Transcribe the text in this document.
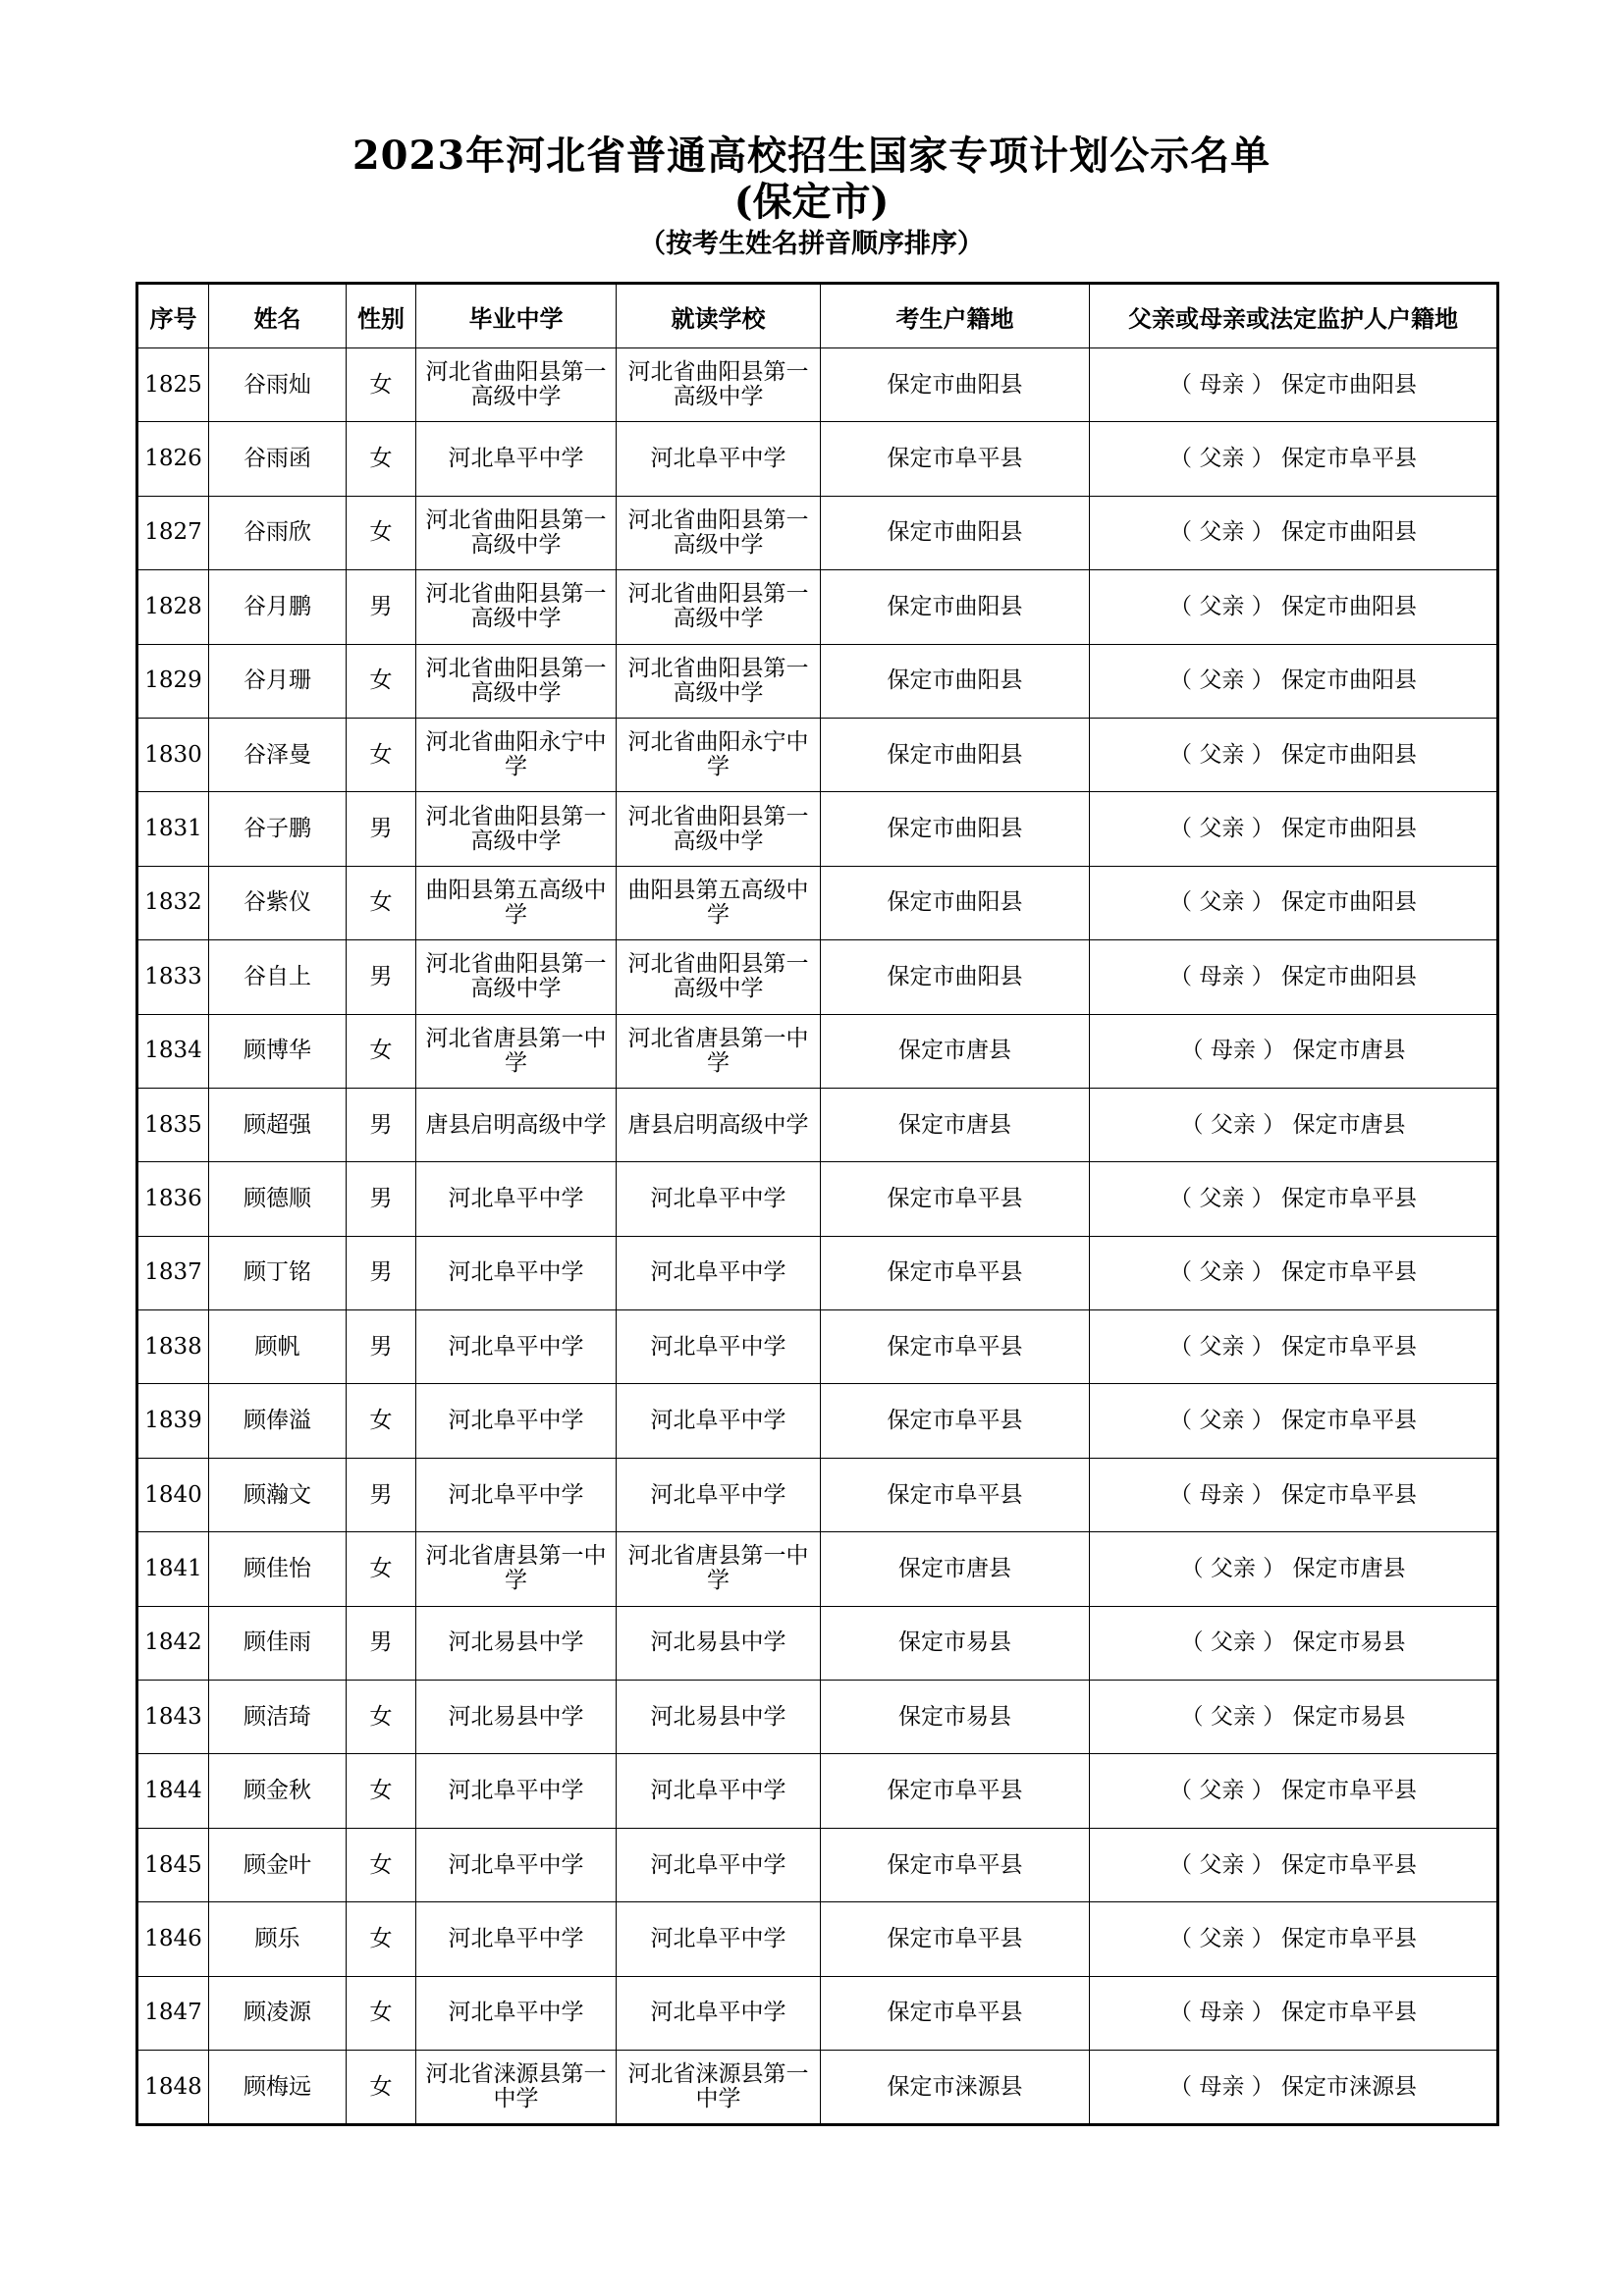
2023年河北省普通高校招生国家专项计划公示名单
(保定市)
（按考生姓名拼音顺序排序）
序号	姓名	性别	毕业中学	就读学校	考生户籍地	父亲或母亲或法定监护人户籍地
1825	谷雨灿	女	河北省曲阳县第一高级中学	河北省曲阳县第一高级中学	保定市曲阳县	（ 母亲 ） 保定市曲阳县
1826	谷雨函	女	河北阜平中学	河北阜平中学	保定市阜平县	（ 父亲 ） 保定市阜平县
1827	谷雨欣	女	河北省曲阳县第一高级中学	河北省曲阳县第一高级中学	保定市曲阳县	（ 父亲 ） 保定市曲阳县
1828	谷月鹏	男	河北省曲阳县第一高级中学	河北省曲阳县第一高级中学	保定市曲阳县	（ 父亲 ） 保定市曲阳县
1829	谷月珊	女	河北省曲阳县第一高级中学	河北省曲阳县第一高级中学	保定市曲阳县	（ 父亲 ） 保定市曲阳县
1830	谷泽曼	女	河北省曲阳永宁中学	河北省曲阳永宁中学	保定市曲阳县	（ 父亲 ） 保定市曲阳县
1831	谷子鹏	男	河北省曲阳县第一高级中学	河北省曲阳县第一高级中学	保定市曲阳县	（ 父亲 ） 保定市曲阳县
1832	谷紫仪	女	曲阳县第五高级中学	曲阳县第五高级中学	保定市曲阳县	（ 父亲 ） 保定市曲阳县
1833	谷自上	男	河北省曲阳县第一高级中学	河北省曲阳县第一高级中学	保定市曲阳县	（ 母亲 ） 保定市曲阳县
1834	顾博华	女	河北省唐县第一中学	河北省唐县第一中学	保定市唐县	（ 母亲 ） 保定市唐县
1835	顾超强	男	唐县启明高级中学	唐县启明高级中学	保定市唐县	（ 父亲 ） 保定市唐县
1836	顾德顺	男	河北阜平中学	河北阜平中学	保定市阜平县	（ 父亲 ） 保定市阜平县
1837	顾丁铭	男	河北阜平中学	河北阜平中学	保定市阜平县	（ 父亲 ） 保定市阜平县
1838	顾帆	男	河北阜平中学	河北阜平中学	保定市阜平县	（ 父亲 ） 保定市阜平县
1839	顾俸溢	女	河北阜平中学	河北阜平中学	保定市阜平县	（ 父亲 ） 保定市阜平县
1840	顾瀚文	男	河北阜平中学	河北阜平中学	保定市阜平县	（ 母亲 ） 保定市阜平县
1841	顾佳怡	女	河北省唐县第一中学	河北省唐县第一中学	保定市唐县	（ 父亲 ） 保定市唐县
1842	顾佳雨	男	河北易县中学	河北易县中学	保定市易县	（ 父亲 ） 保定市易县
1843	顾洁琦	女	河北易县中学	河北易县中学	保定市易县	（ 父亲 ） 保定市易县
1844	顾金秋	女	河北阜平中学	河北阜平中学	保定市阜平县	（ 父亲 ） 保定市阜平县
1845	顾金叶	女	河北阜平中学	河北阜平中学	保定市阜平县	（ 父亲 ） 保定市阜平县
1846	顾乐	女	河北阜平中学	河北阜平中学	保定市阜平县	（ 父亲 ） 保定市阜平县
1847	顾凌源	女	河北阜平中学	河北阜平中学	保定市阜平县	（ 母亲 ） 保定市阜平县
1848	顾梅远	女	河北省涞源县第一中学	河北省涞源县第一中学	保定市涞源县	（ 母亲 ） 保定市涞源县
